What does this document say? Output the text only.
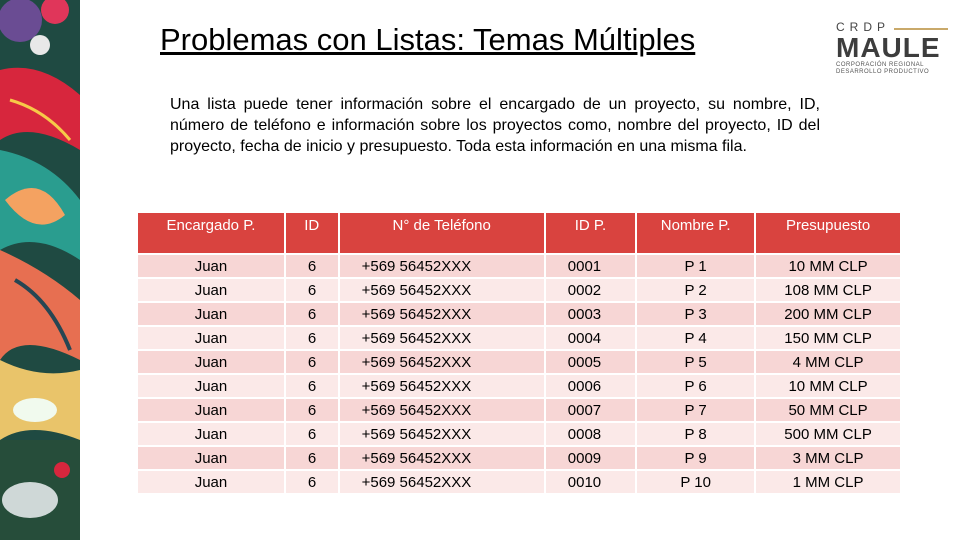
Problemas con Listas: Temas Múltiples	CRDP
MAULE
CORPORACIÓN REGIONAL
DESARROLLO PRODUCTIVO
Una lista puede tener información sobre el encargado de un proyecto, su nombre, ID, número de teléfono e información sobre los proyectos como, nombre del proyecto, ID del proyecto, fecha de inicio y presupuesto. Toda esta información en una misma fila.
Encargado P.	ID	N° de Teléfono	ID P.	Nombre P.	Presupuesto
Juan	6	+569 56452XXX	0001	P 1	10 MM CLP
Juan	6	+569 56452XXX	0002	P 2	108 MM CLP
Juan	6	+569 56452XXX	0003	P 3	200 MM CLP
Juan	6	+569 56452XXX	0004	P 4	150 MM CLP
Juan	6	+569 56452XXX	0005	P 5	4 MM CLP
Juan	6	+569 56452XXX	0006	P 6	10 MM CLP
Juan	6	+569 56452XXX	0007	P 7	50 MM CLP
Juan	6	+569 56452XXX	0008	P 8	500 MM CLP
Juan	6	+569 56452XXX	0009	P 9	3 MM CLP
Juan	6	+569 56452XXX	0010	P 10	1 MM CLP
